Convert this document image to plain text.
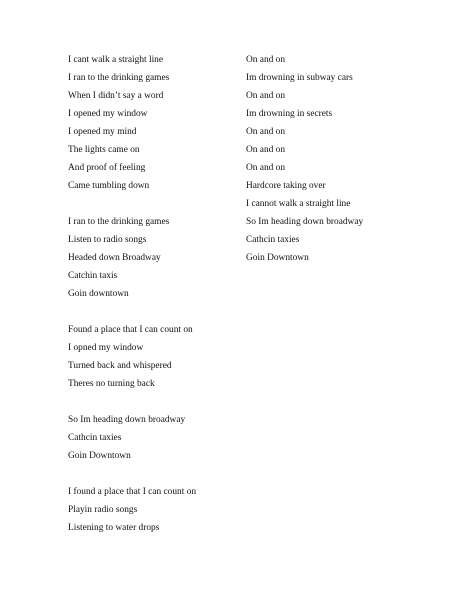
I cant walk a straight line
I ran to the drinking games
When I didn’t say a word
I opened my window
I opened my mind
The lights came on
And proof of feeling
Came tumbling down
I ran to the drinking games
Listen to radio songs
Headed down Broadway
Catchin taxis
Goin downtown
Found a place that I can count on
I opned my window
Turned back and whispered
Theres no turning back
So Im heading down broadway
Cathcin taxies
Goin Downtown
I found a place that I can count on
Playin radio songs
Listening to water drops
On and on
Im drowning in subway cars
On and on
Im drowning in secrets
On and on
On and on
On and on
Hardcore taking over
I cannot walk a straight line
So Im heading down broadway
Cathcin taxies
Goin Downtown
